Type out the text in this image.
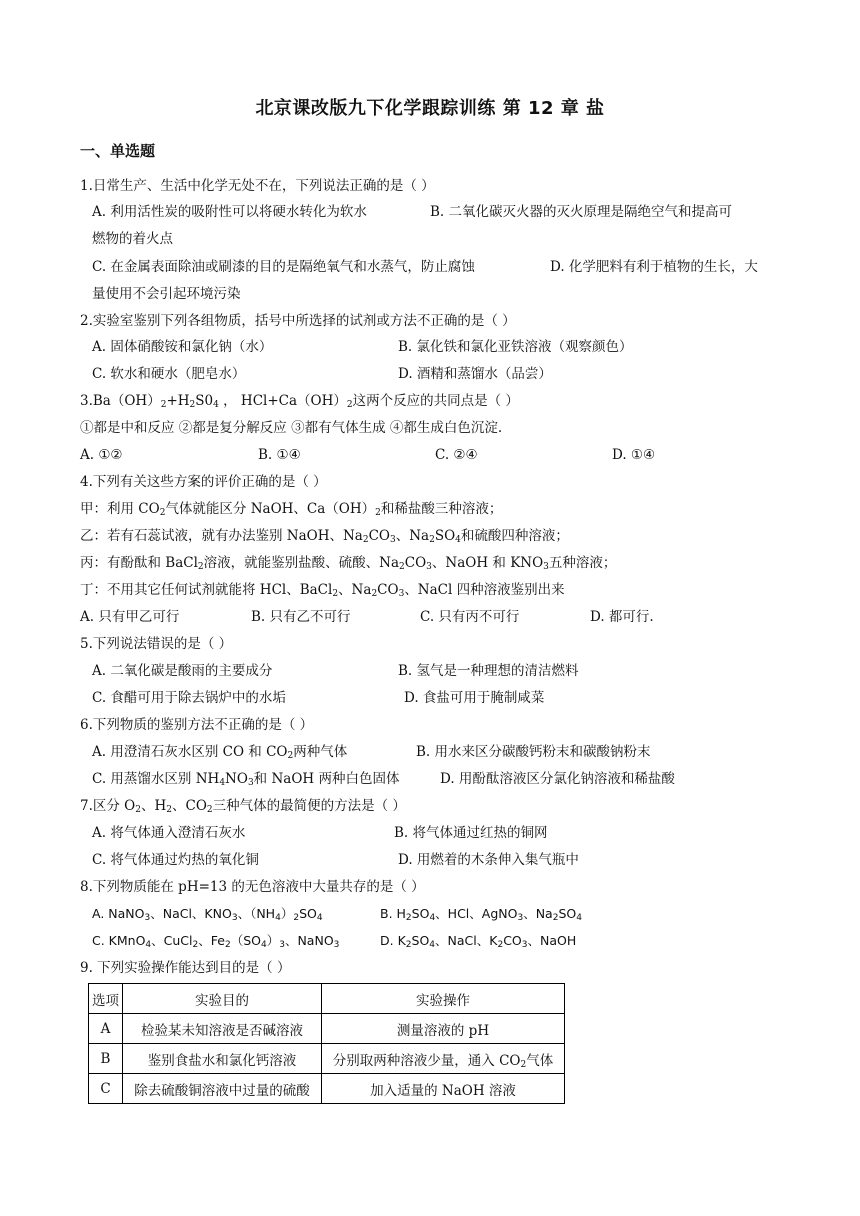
北京课改版九下化学跟踪训练 第 12 章 盐
一、单选题
1.日常生产、生活中化学无处不在，下列说法正确的是（ ）
A. 利用活性炭的吸附性可以将硬水转化为软水	B. 二氧化碳灭火器的灭火原理是隔绝空气和提高可
燃物的着火点
C. 在金属表面除油或刷漆的目的是隔绝氧气和水蒸气，防止腐蚀	D. 化学肥料有利于植物的生长，大
量使用不会引起环境污染
2.实验室鉴别下列各组物质，括号中所选择的试剂或方法不正确的是（ ）
A. 固体硝酸铵和氯化钠（水）	B. 氯化铁和氯化亚铁溶液（观察颜色）
C. 软水和硬水（肥皂水）	D. 酒精和蒸馏水（品尝）
$3.Ba(OH)_2+H_2S0_4$ ， $HCl+Ca(OH)_2$这两个反应的共同点是（ ）
①都是中和反应 ②都是复分解反应 ③都有气体生成 ④都生成白色沉淀.
A. ①②	B. ①④	C. ②④	D. ①④
4.下列有关这些方案的评价正确的是（ ）
甲：利用 $CO_2$气体就能区分 NaOH、$Ca(OH)_2$和稀盐酸三种溶液；
乙：若有石蕊试液，就有办法鉴别 NaOH、$Na_2CO_3$、$Na_2SO_4$和硫酸四种溶液；
丙：有酚酞和 BaCl$_2$溶液，就能鉴别盐酸、硫酸、$Na_2CO_3$、NaOH 和 $KNO_3$五种溶液；
丁：不用其它任何试剂就能将 HCl、BaCl$_2$、$Na_2CO_3$、NaCl 四种溶液鉴别出来
A. 只有甲乙可行	B. 只有乙不可行	C. 只有丙不可行	D. 都可行.
5.下列说法错误的是（ ）
A. 二氧化碳是酸雨的主要成分	B. 氢气是一种理想的清洁燃料
C. 食醋可用于除去锅炉中的水垢	D. 食盐可用于腌制咸菜
6.下列物质的鉴别方法不正确的是（ ）
A. 用澄清石灰水区别 CO 和 $CO_2$两种气体	B. 用水来区分碳酸钙粉末和碳酸钠粉末
C. 用蒸馏水区别 $NH_4NO_3$和 NaOH 两种白色固体	D. 用酚酞溶液区分氯化钠溶液和稀盐酸
7.区分 $O_2$、$H_2$、$CO_2$三种气体的最简便的方法是（ ）
A. 将气体通入澄清石灰水	B. 将气体通过红热的铜网
C. 将气体通过灼热的氧化铜	D. 用燃着的木条伸入集气瓶中
8.下列物质能在 pH=13 的无色溶液中大量共存的是（ ）
A. NaNO$_3$、NaCl、$KNO_3$、$(NH_4)_2SO_4$	B. $H_2SO_4$、HCl、AgNO$_3$、$Na_2SO_4$
C. KMnO$_4$、CuCl$_2$、$Fe_2(SO_4)_3$、NaNO$_3$	D. $K_2SO_4$、NaCl、$K_2CO_3$、NaOH
9. 下列实验操作能达到目的是（ ）
选项	实验目的	实验操作
A	检验某未知溶液是否碱溶液	测量溶液的 pH
B	鉴别食盐水和氯化钙溶液	分别取两种溶液少量，通入 $CO_2$气体
C	除去硫酸铜溶液中过量的硫酸	加入适量的 NaOH 溶液
